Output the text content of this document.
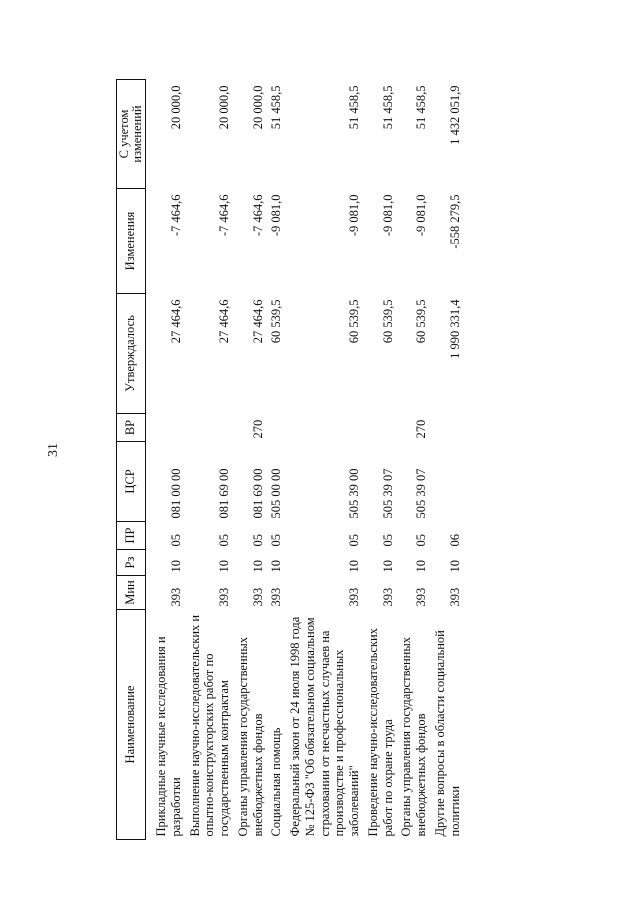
31
Наименование	Мин	Рз	ПР	ЦСР	ВР	Утверждалось	Изменения	С учетом
изменений
Прикладные научные исследования и разработки	393	10	05	081 00 00		27 464,6	-7 464,6	20 000,0
Выполнение научно-исследовательских и опытно-конструкторских работ по государственным контрактам	393	10	05	081 69 00		27 464,6	-7 464,6	20 000,0
Органы управления государственных внебюджетных фондов	393	10	05	081 69 00	270	27 464,6	-7 464,6	20 000,0
Социальная помощь	393	10	05	505 00 00		60 539,5	-9 081,0	51 458,5
Федеральный закон от 24 июля 1998 года № 125-ФЗ "Об обязательном социальном страховании от несчастных случаев на производстве и профессиональных заболеваний"	393	10	05	505 39 00		60 539,5	-9 081,0	51 458,5
Проведение научно-исследовательских работ по охране труда	393	10	05	505 39 07		60 539,5	-9 081,0	51 458,5
Органы управления государственных внебюджетных фондов	393	10	05	505 39 07	270	60 539,5	-9 081,0	51 458,5
Другие вопросы в области социальной политики	393	10	06			1 990 331,4	-558 279,5	1 432 051,9
